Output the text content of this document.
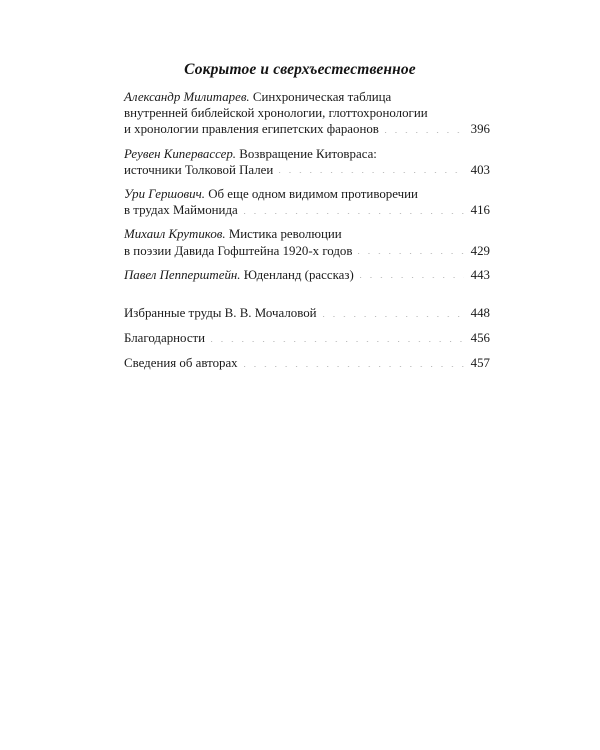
Сокрытое и сверхъестественное
Александр Милитарев. Синхроническая таблица
внутренней библейской хронологии, глоттохронологии
и хронологии правления египетских фараонов	396
Реувен Кипервассер. Возвращение Китовраса:
источники Толковой Палеи	403
Ури Гершович. Об еще одном видимом противоречии
в трудах Маймонида	416
Михаил Крутиков. Мистика революции
в поэзии Давида Гофштейна 1920-х годов	429
Павел Пепперштейн. Юденланд (рассказ)	443
Избранные труды В. В. Мочаловой	448
Благодарности	456
Сведения об авторах	457
